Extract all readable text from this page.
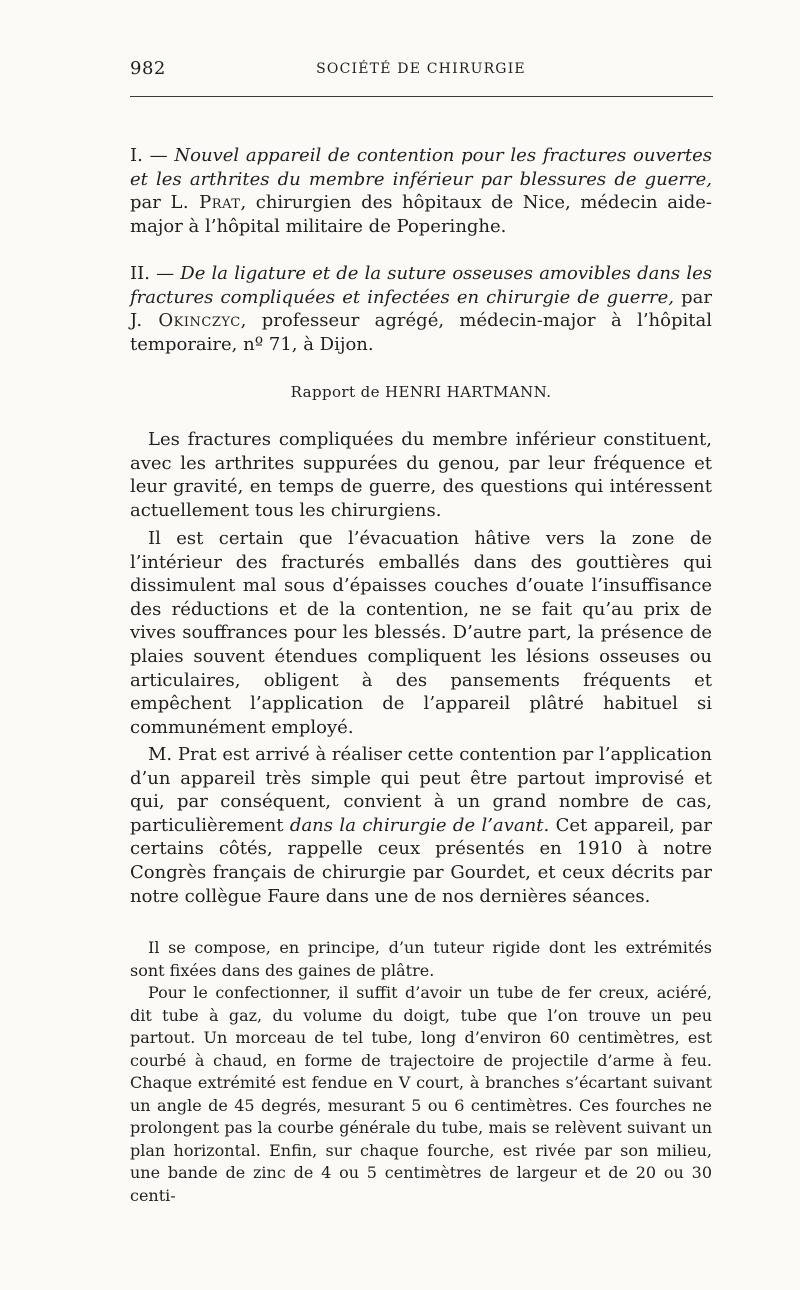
982	SOCIÉTÉ DE CHIRURGIE

I. — Nouvel appareil de contention pour les fractures ouvertes et les arthrites du membre inférieur par blessures de guerre, par L. Prat, chirurgien des hôpitaux de Nice, médecin aide-major à l’hôpital militaire de Poperinghe.

II. — De la ligature et de la suture osseuses amovibles dans les fractures compliquées et infectées en chirurgie de guerre, par J. Okinczyc, professeur agrégé, médecin-major à l’hôpital temporaire, nº 71, à Dijon.

Rapport de HENRI HARTMANN.

Les fractures compliquées du membre inférieur constituent, avec les arthrites suppurées du genou, par leur fréquence et leur gravité, en temps de guerre, des questions qui intéressent actuellement tous les chirurgiens.

Il est certain que l’évacuation hâtive vers la zone de l’intérieur des fracturés emballés dans des gouttières qui dissimulent mal sous d’épaisses couches d’ouate l’insuffisance des réductions et de la contention, ne se fait qu’au prix de vives souffrances pour les blessés. D’autre part, la présence de plaies souvent étendues compliquent les lésions osseuses ou articulaires, obligent à des pansements fréquents et empêchent l’application de l’appareil plâtré habituel si communément employé.

M. Prat est arrivé à réaliser cette contention par l’application d’un appareil très simple qui peut être partout improvisé et qui, par conséquent, convient à un grand nombre de cas, particulièrement dans la chirurgie de l’avant. Cet appareil, par certains côtés, rappelle ceux présentés en 1910 à notre Congrès français de chirurgie par Gourdet, et ceux décrits par notre collègue Faure dans une de nos dernières séances.

Il se compose, en principe, d’un tuteur rigide dont les extrémités sont fixées dans des gaines de plâtre.

Pour le confectionner, il suffit d’avoir un tube de fer creux, aciéré, dit tube à gaz, du volume du doigt, tube que l’on trouve un peu partout. Un morceau de tel tube, long d’environ 60 centimètres, est courbé à chaud, en forme de trajectoire de projectile d’arme à feu. Chaque extrémité est fendue en V court, à branches s’écartant suivant un angle de 45 degrés, mesurant 5 ou 6 centimètres. Ces fourches ne prolongent pas la courbe générale du tube, mais se relèvent suivant un plan horizontal. Enfin, sur chaque fourche, est rivée par son milieu, une bande de zinc de 4 ou 5 centimètres de largeur et de 20 ou 30 centi-
